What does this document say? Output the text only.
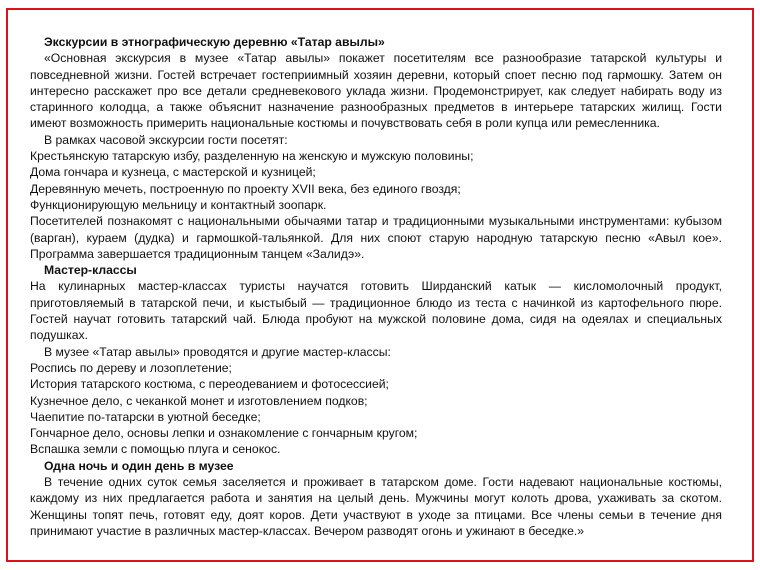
Экскурсии в этнографическую деревню «Татар авылы»

«Основная экскурсия в музее «Татар авылы» покажет посетителям все разнообразие татарской культуры и повседневной жизни. Гостей встречает гостеприимный хозяин деревни, который споет песню под гармошку. Затем он интересно расскажет про все детали средневекового уклада жизни. Продемонстрирует, как следует набирать воду из старинного колодца, а также объяснит назначение разнообразных предметов в интерьере татарских жилищ. Гости имеют возможность примерить национальные костюмы и почувствовать себя в роли купца или ремесленника.

В рамках часовой экскурсии гости посетят:

Крестьянскую татарскую избу, разделенную на женскую и мужскую половины;

Дома гончара и кузнеца, с мастерской и кузницей;

Деревянную мечеть, построенную по проекту XVII века, без единого гвоздя;

Функционирующую мельницу и контактный зоопарк.

Посетителей познакомят с национальными обычаями татар и традиционными музыкальными инструментами: кубызом (варган), кураем (дудка) и гармошкой-тальянкой. Для них споют старую народную татарскую песню «Авыл кое». Программа завершается традиционным танцем «Залидэ».

Мастер-классы

На кулинарных мастер-классах туристы научатся готовить Ширданский катык — кисломолочный продукт, приготовляемый в татарской печи, и кыстыбый — традиционное блюдо из теста с начинкой из картофельного пюре. Гостей научат готовить татарский чай. Блюда пробуют на мужской половине дома, сидя на одеялах и специальных подушках.

В музее «Татар авылы» проводятся и другие мастер-классы:

Роспись по дереву и лозоплетение;

История татарского костюма, с переодеванием и фотосессией;

Кузнечное дело, с чеканкой монет и изготовлением подков;

Чаепитие по-татарски в уютной беседке;

Гончарное дело, основы лепки и ознакомление с гончарным кругом;

Вспашка земли с помощью плуга и сенокос.

Одна ночь и один день в музее

В течение одних суток семья заселяется и проживает в татарском доме. Гости надевают национальные костюмы, каждому из них предлагается работа и занятия на целый день. Мужчины могут колоть дрова, ухаживать за скотом. Женщины топят печь, готовят еду, доят коров. Дети участвуют в уходе за птицами. Все члены семьи в течение дня принимают участие в различных мастер-классах. Вечером разводят огонь и ужинают в беседке.»
